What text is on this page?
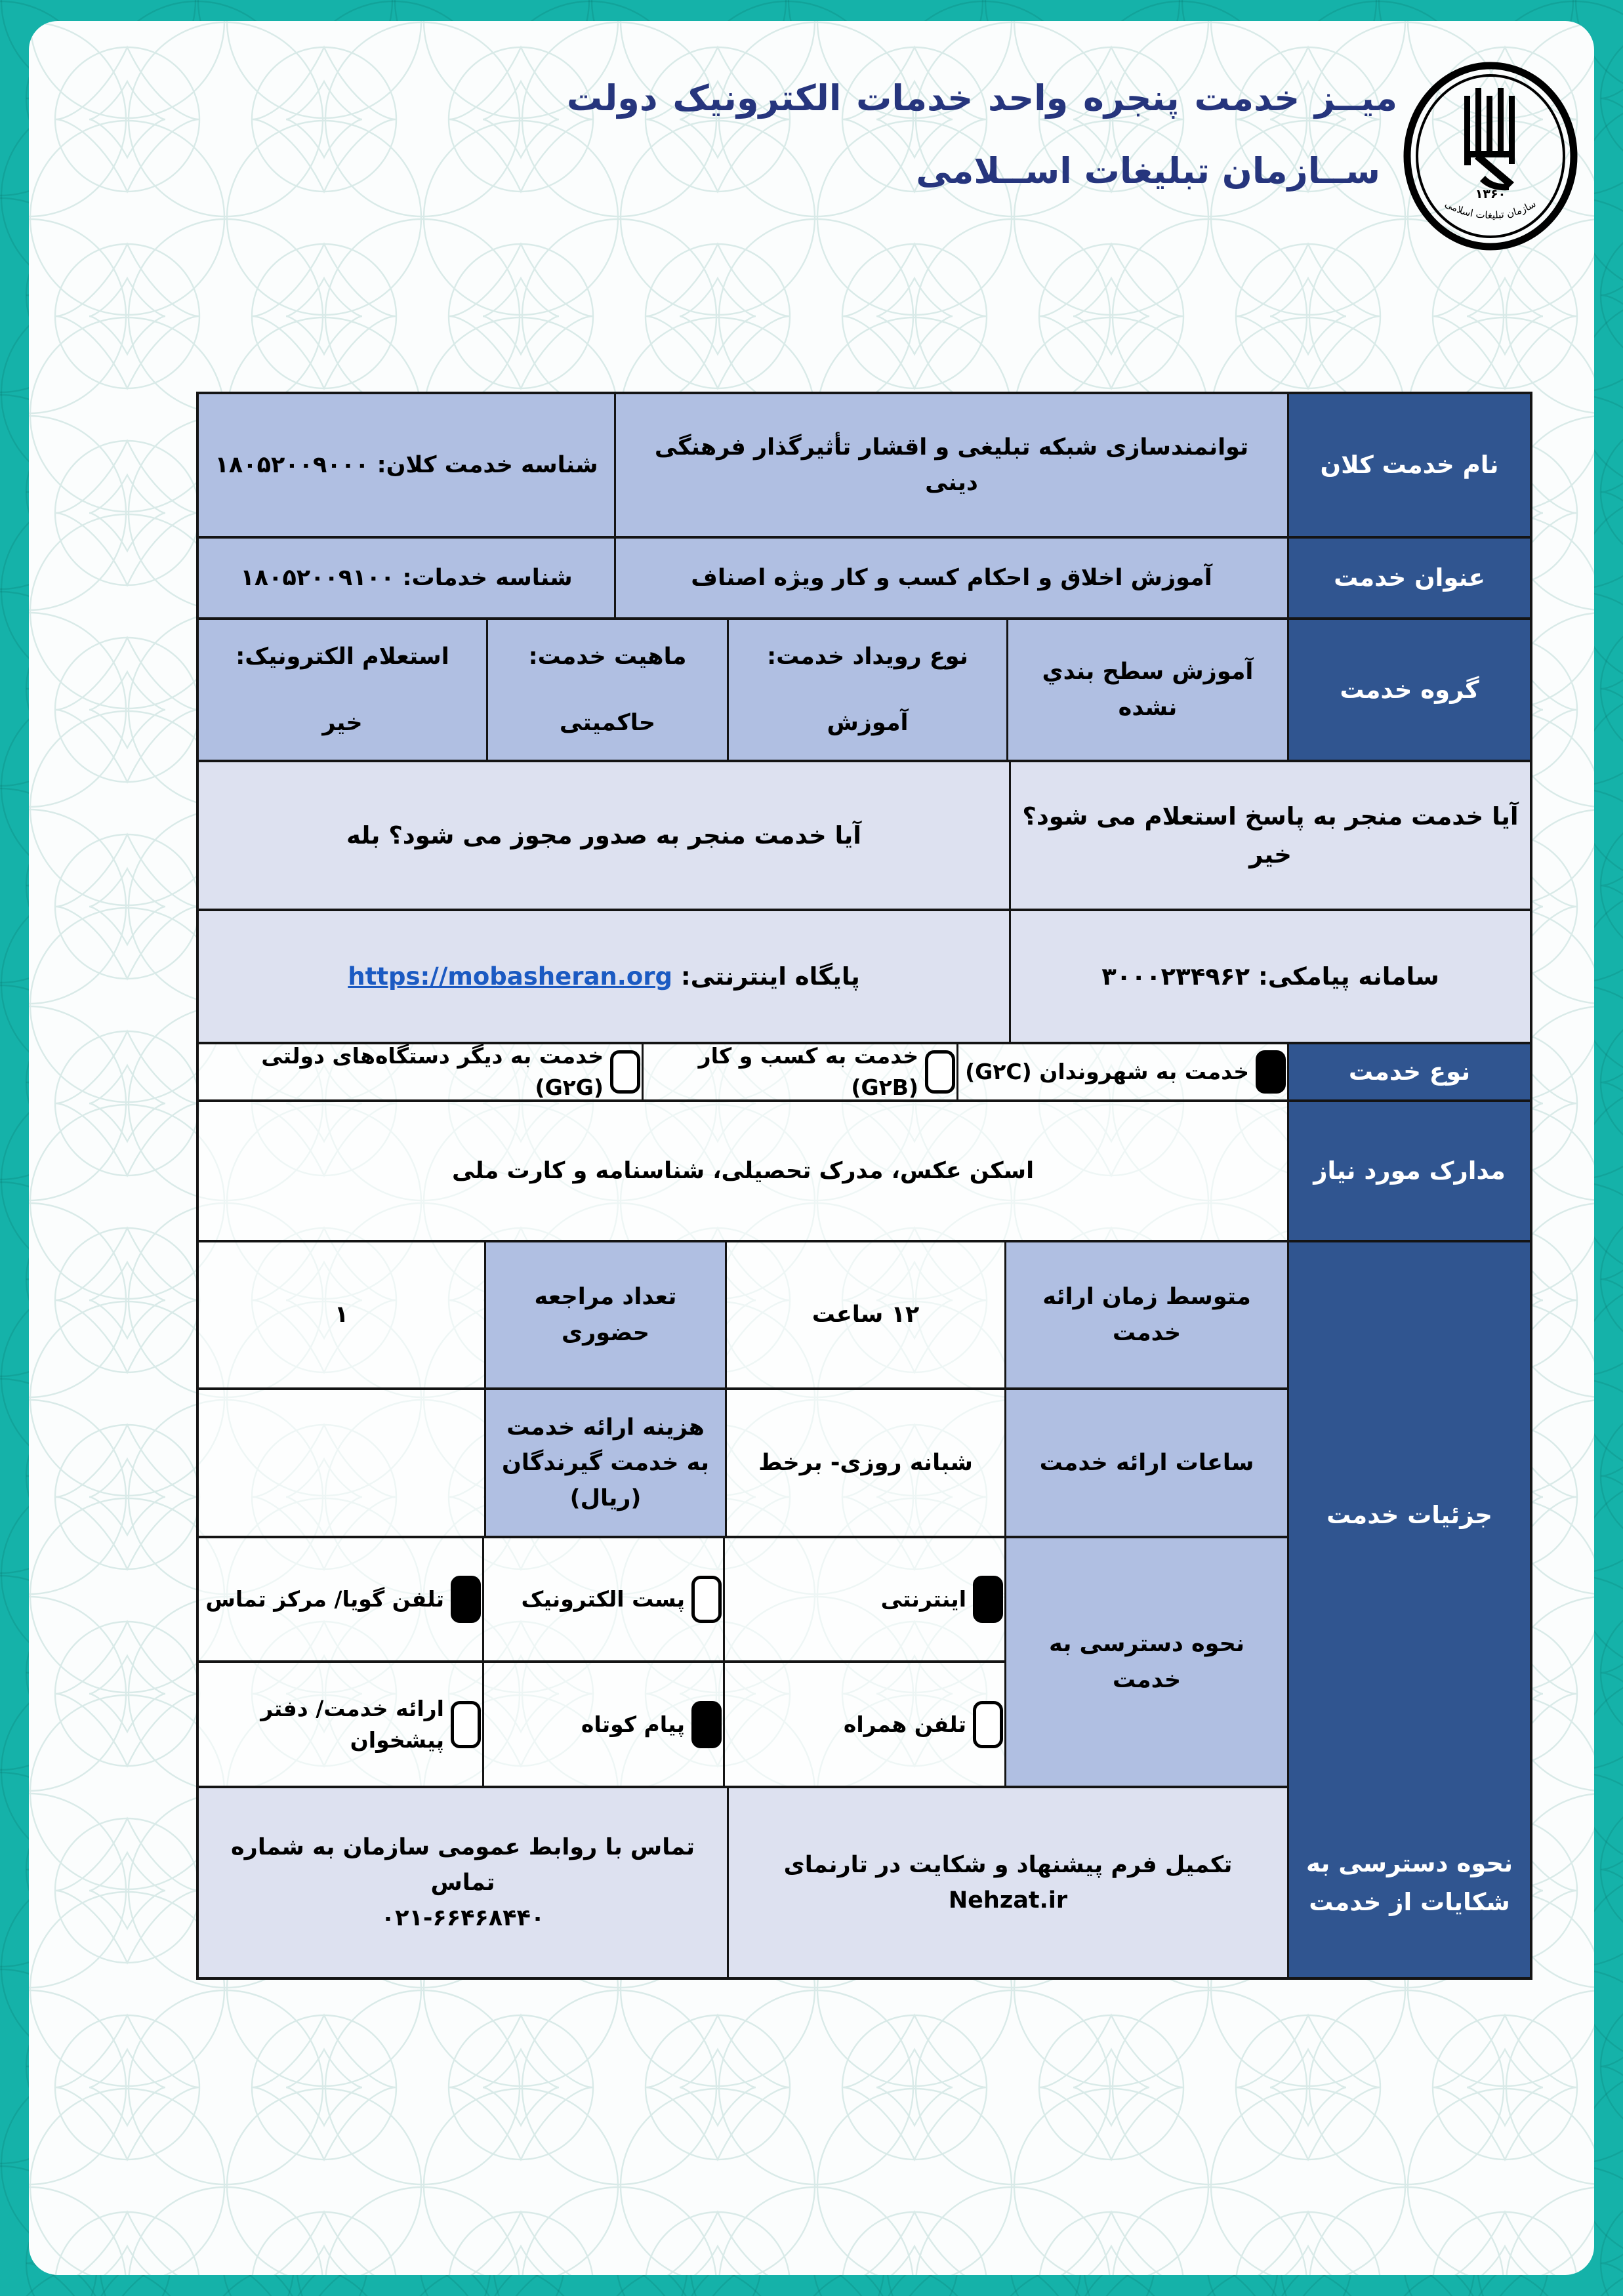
میــز خدمت پنجره واحد خدمات الکترونیک دولت
ســازمان تبلیغات اســلامی
۱۳۶۰
سازمان تبلیغات اسلامی
نام خدمت کلان
توانمندسازی شبکه تبلیغی و اقشار تأثیرگذار فرهنگی دینی
شناسه خدمت کلان: ۱۸۰۵۲۰۰۹۰۰۰
عنوان خدمت
آموزش اخلاق و احکام کسب و کار ویژه اصناف
شناسه خدمات: ۱۸۰۵۲۰۰۹۱۰۰
گروه خدمت
آموزش سطح بندي نشده
نوع رویداد خدمت:
آموزش
ماهیت خدمت:
حاکمیتی
استعلام الکترونیک:
خیر
آیا خدمت منجر به پاسخ استعلام می شود؟ خیر
آیا خدمت منجر به صدور مجوز می شود؟ بله
سامانه پیامکی: ۳۰۰۰۲۳۴۹۶۲
پایگاه اینترنتی:

https://mobasheran.org
نوع خدمت
خدمت به شهروندان (G۲C)
خدمت به کسب و کار (G۲B)
خدمت به دیگر دستگاه‌های دولتی (G۲G)
مدارک مورد نیاز
اسکن عکس، مدرک تحصیلی، شناسنامه و کارت ملی
جزئیات خدمت
متوسط زمان ارائه خدمت
۱۲ ساعت
تعداد مراجعه حضوری
۱
ساعات ارائه خدمت
شبانه روزی- برخط
هزینه ارائه خدمت به خدمت گیرندگان (ریال)
نحوه دسترسی به خدمت
اینترنتی
پست الکترونیک
تلفن گویا/ مرکز تماس
تلفن همراه
پیام کوتاه
ارائه خدمت/ دفتر پیشخوان
نحوه دسترسی به شکایات از خدمت
تکمیل فرم پیشنهاد و شکایت در تارنمای Nehzat.ir
تماس با روابط عمومی سازمان به شماره تماس
۰۲۱-۶۶۴۶۸۴۴۰
